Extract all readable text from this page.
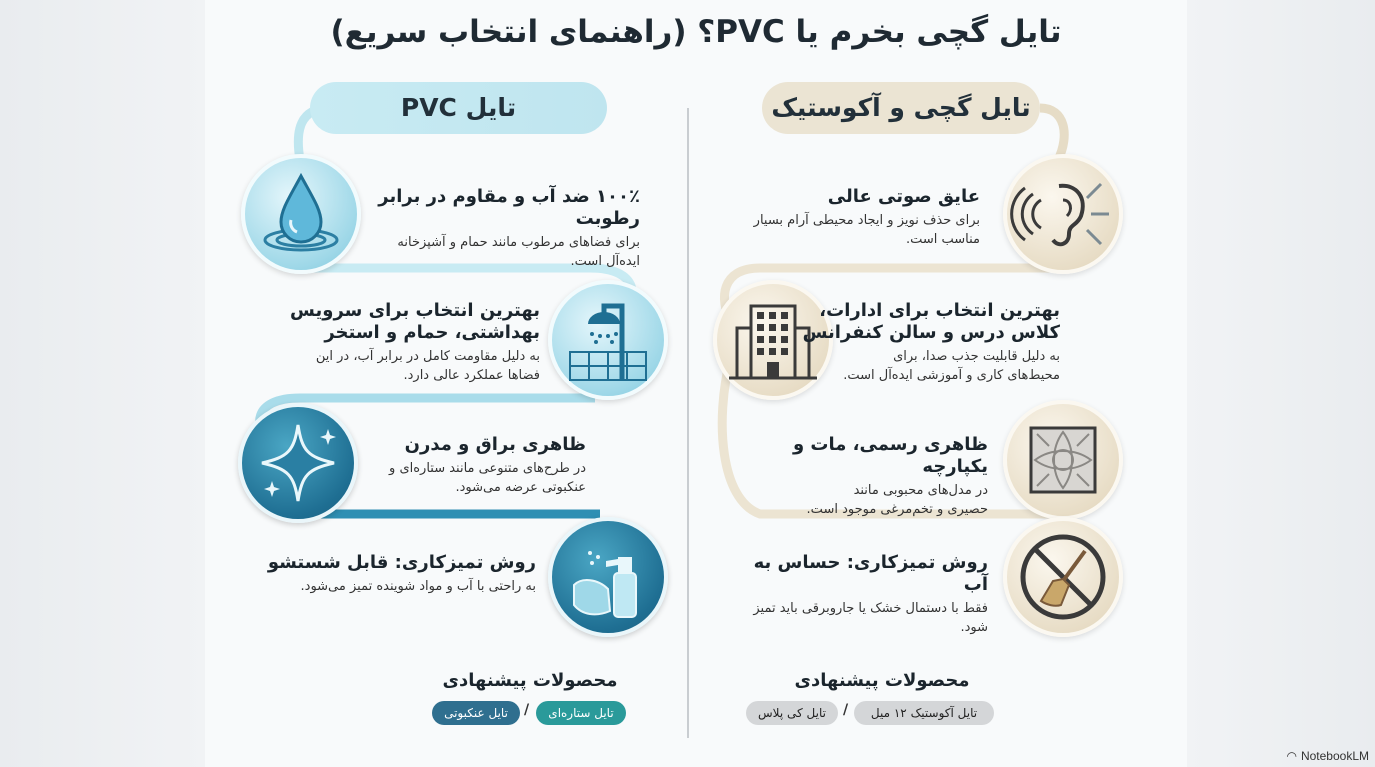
تایل گچی بخرم یا PVC؟ (راهنمای انتخاب سریع)
تایل PVC	تایل گچی و آکوستیک
۱۰۰٪ ضد آب و مقاوم در برابر رطوبت
برای فضاهای مرطوب مانند حمام و آشپزخانه
ایده‌آل است.
بهترین انتخاب برای سرویس
بهداشتی، حمام و استخر
به دلیل مقاومت کامل در برابر آب، در این
فضاها عملکرد عالی دارد.
ظاهری براق و مدرن
در طرح‌های متنوعی مانند ستاره‌ای و
عنکبوتی عرضه می‌شود.
روش تمیزکاری: قابل شستشو
به راحتی با آب و مواد شوینده تمیز می‌شود.
محصولات پیشنهادی
تایل ستاره‌ای
/
تایل عنکبوتی
عایق صوتی عالی
برای حذف نویز و ایجاد محیطی آرام بسیار
مناسب است.
بهترین انتخاب برای ادارات،
کلاس درس و سالن کنفرانس
به دلیل قابلیت جذب صدا، برای
محیط‌های کاری و آموزشی ایده‌آل است.
ظاهری رسمی، مات و یکپارچه
در مدل‌های محبوبی مانند
حصیری و تخم‌مرغی موجود است.
روش تمیزکاری: حساس به آب
فقط با دستمال خشک یا جاروبرقی باید تمیز
شود.
محصولات پیشنهادی
تایل آکوستیک ۱۲ میل
/
تایل کی پلاس
◠ NotebookLM
